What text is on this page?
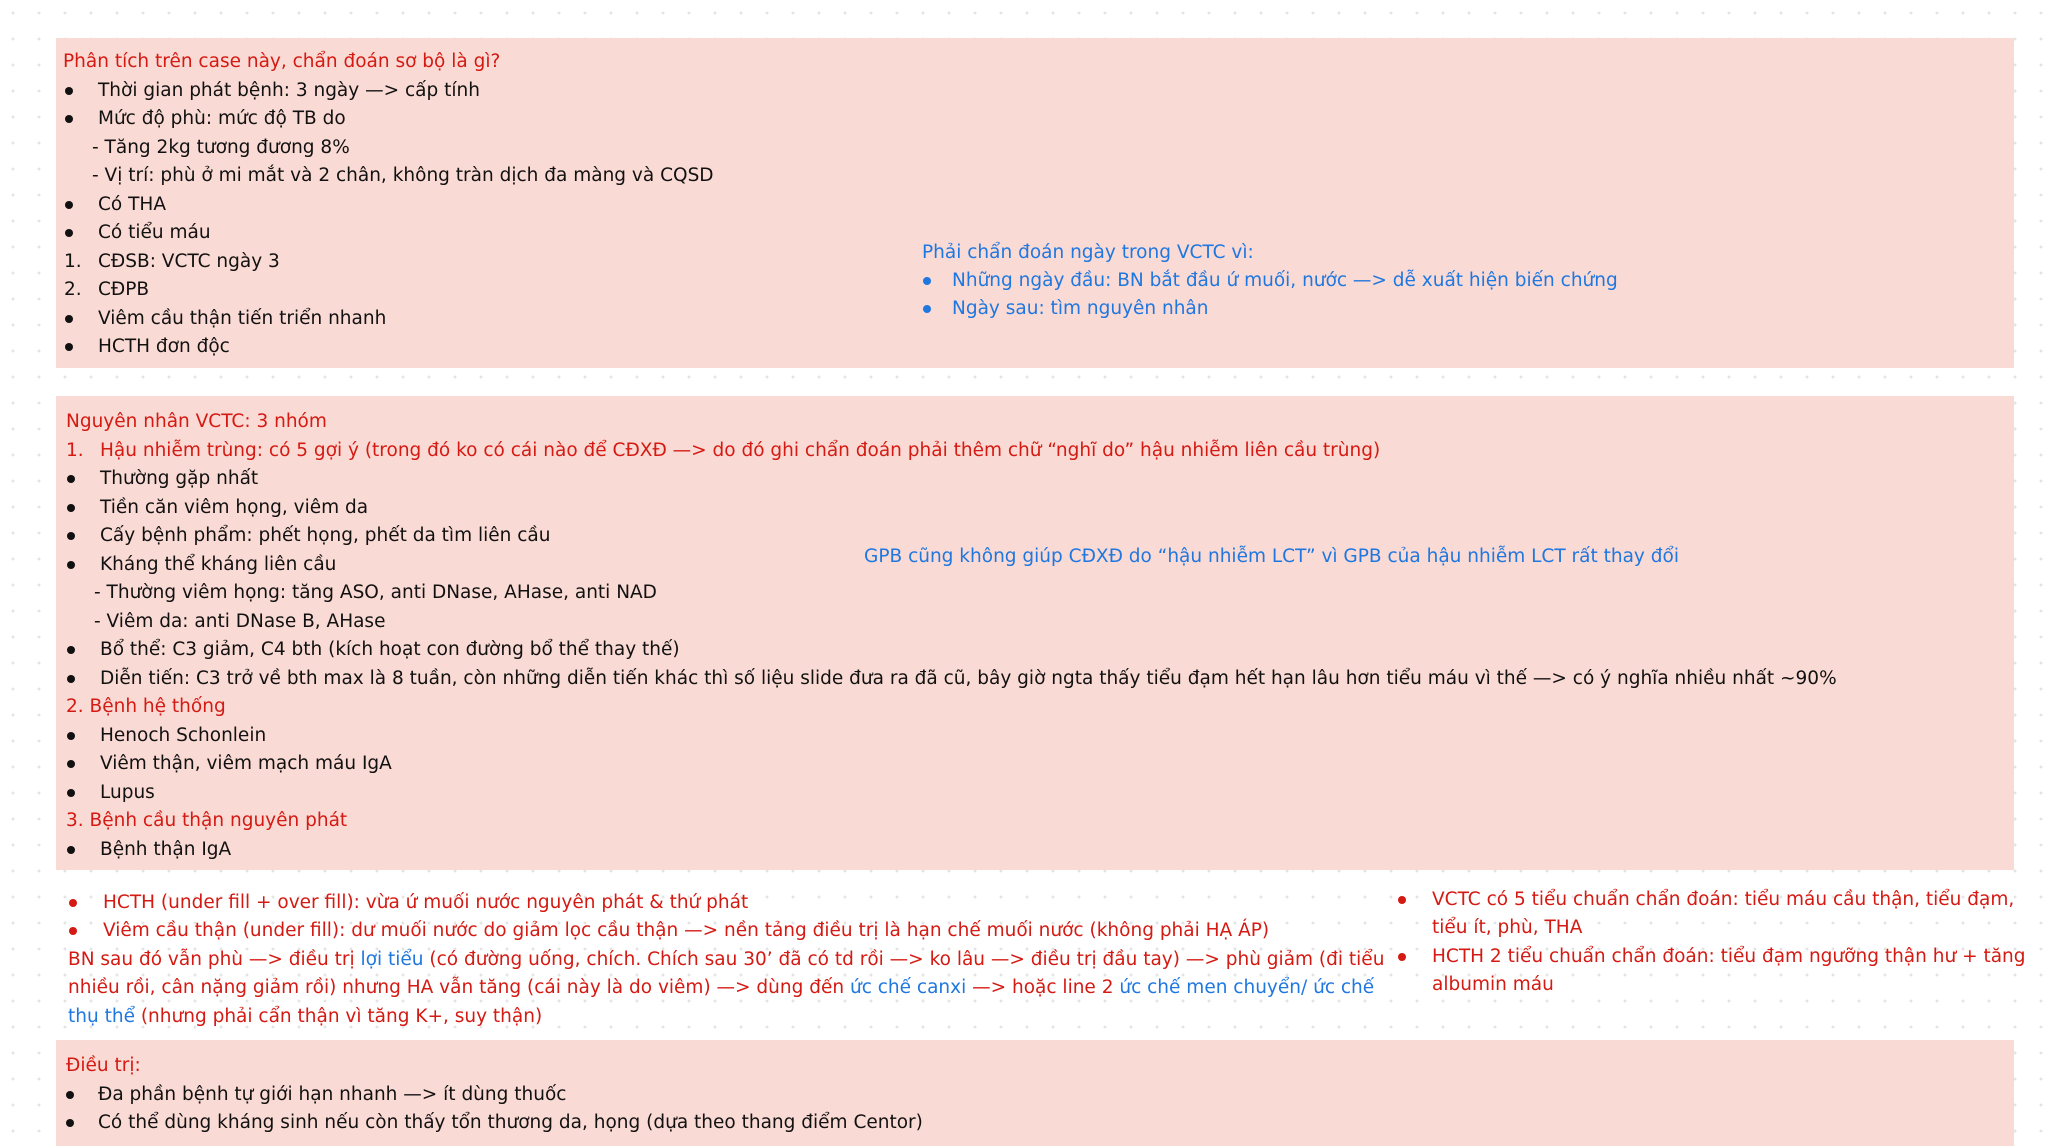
Phân tích trên case này, chẩn đoán sơ bộ là gì?
Thời gian phát bệnh: 3 ngày —> cấp tính
Mức độ phù: mức độ TB do
- Tăng 2kg tương đương 8%
- Vị trí: phù ở mi mắt và 2 chân, không tràn dịch đa màng và CQSD
Có THA
Có tiểu máu
1. CĐSB: VCTC ngày 3
2. CĐPB
Viêm cầu thận tiến triển nhanh
HCTH đơn độc
Phải chẩn đoán ngày trong VCTC vì:
Những ngày đầu: BN bắt đầu ứ muối, nước —> dễ xuất hiện biến chứng
Ngày sau: tìm nguyên nhân
Nguyên nhân VCTC: 3 nhóm
1. Hậu nhiễm trùng: có 5 gợi ý (trong đó ko có cái nào để CĐXĐ —> do đó ghi chẩn đoán phải thêm chữ “nghĩ do” hậu nhiễm liên cầu trùng)
Thường gặp nhất
Tiền căn viêm họng, viêm da
Cấy bệnh phẩm: phết họng, phết da tìm liên cầu
Kháng thể kháng liên cầu
- Thường viêm họng: tăng ASO, anti DNase, AHase, anti NAD
- Viêm da: anti DNase B, AHase
Bổ thể: C3 giảm, C4 bth (kích hoạt con đường bổ thể thay thế)
Diễn tiến: C3 trở về bth max là 8 tuần, còn những diễn tiến khác thì số liệu slide đưa ra đã cũ, bây giờ ngta thấy tiểu đạm hết hạn lâu hơn tiểu máu vì thế —> có ý nghĩa nhiều nhất ~90%
2. Bệnh hệ thống
Henoch Schonlein
Viêm thận, viêm mạch máu IgA
Lupus
3. Bệnh cầu thận nguyên phát
Bệnh thận IgA
GPB cũng không giúp CĐXĐ do “hậu nhiễm LCT” vì GPB của hậu nhiễm LCT rất thay đổi
HCTH (under fill + over fill): vừa ứ muối nước nguyên phát & thứ phát
Viêm cầu thận (under fill): dư muối nước do giảm lọc cầu thận —> nền tảng điều trị là hạn chế muối nước (không phải HẠ ÁP)
BN sau đó vẫn phù —> điều trị lợi tiểu (có đường uống, chích. Chích sau 30’ đã có td rồi —> ko lâu —> điều trị đầu tay) —> phù giảm (đi tiểu
nhiều rồi, cân nặng giảm rồi) nhưng HA vẫn tăng (cái này là do viêm) —> dùng đến ức chế canxi —> hoặc line 2 ức chế men chuyển/ ức chế
thụ thể (nhưng phải cẩn thận vì tăng K+, suy thận)
VCTC có 5 tiểu chuẩn chẩn đoán: tiểu máu cầu thận, tiểu đạm,
tiểu ít, phù, THA
HCTH 2 tiểu chuẩn chẩn đoán: tiểu đạm ngưỡng thận hư + tăng
albumin máu
Điều trị:
Đa phần bệnh tự giới hạn nhanh —> ít dùng thuốc
Có thể dùng kháng sinh nếu còn thấy tổn thương da, họng (dựa theo thang điểm Centor)
